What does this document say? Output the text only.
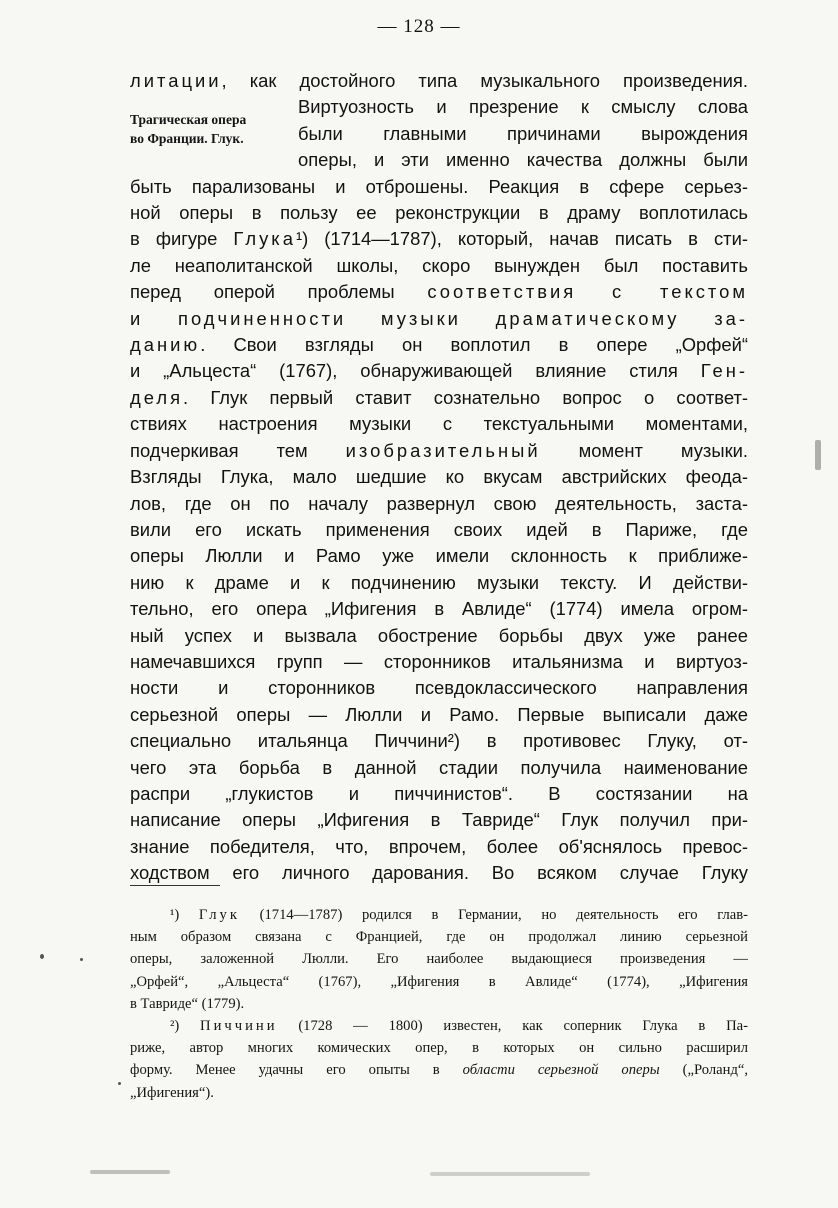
— 128 —
Трагическая опера
во Франции. Глук.
литации, как достойного типа музыкального произведения.
Виртуозность и презрение к смыслу слова
были главными причинами вырождения
оперы, и эти именно качества должны были
быть парализованы и отброшены. Реакция в сфере серьез-
ной оперы в пользу ее реконструкции в драму воплотилась
в фигуре Глука¹) (1714—1787), который, начав писать в сти-
ле неаполитанской школы, скоро вынужден был поставить
перед оперой проблемы соответствия с текстом
и подчиненности музыки драматическому за-
данию. Свои взгляды он воплотил в опере „Орфей“
и „Альцеста“ (1767), обнаруживающей влияние стиля Ген-
деля. Глук первый ставит сознательно вопрос о соответ-
ствиях настроения музыки с текстуальными моментами,
подчеркивая тем изобразительный момент музыки.
Взгляды Глука, мало шедшие ко вкусам австрийских феода-
лов, где он по началу развернул свою деятельность, заста-
вили его искать применения своих идей в Париже, где
оперы Люлли и Рамо уже имели склонность к приближе-
нию к драме и к подчинению музыки тексту. И действи-
тельно, его опера „Ифигения в Авлиде“ (1774) имела огром-
ный успех и вызвала обострение борьбы двух уже ранее
намечавшихся групп — сторонников итальянизма и виртуоз-
ности и сторонников псевдоклассического направления
серьезной оперы — Люлли и Рамо. Первые выписали даже
специально итальянца Пиччини²) в противовес Глуку, от-
чего эта борьба в данной стадии получила наименование
распри „глукистов и пиччинистов“. В состязании на
написание оперы „Ифигения в Тавриде“ Глук получил при-
знание победителя, что, впрочем, более об'яснялось превос-
ходством его личного дарования. Во всяком случае Глуку
¹) Глук (1714—1787) родился в Германии, но деятельность его глав-
ным образом связана с Францией, где он продолжал линию серьезной
оперы, заложенной Люлли. Его наиболее выдающиеся произведения —
„Орфей“, „Альцеста“ (1767), „Ифигения в Авлиде“ (1774), „Ифигения
в Тавриде“ (1779).
²) Пиччини (1728 — 1800) известен, как соперник Глука в Па-
риже, автор многих комических опер, в которых он сильно расширил
форму. Менее удачны его опыты в области серьезной оперы („Роланд“,
„Ифигения“).
